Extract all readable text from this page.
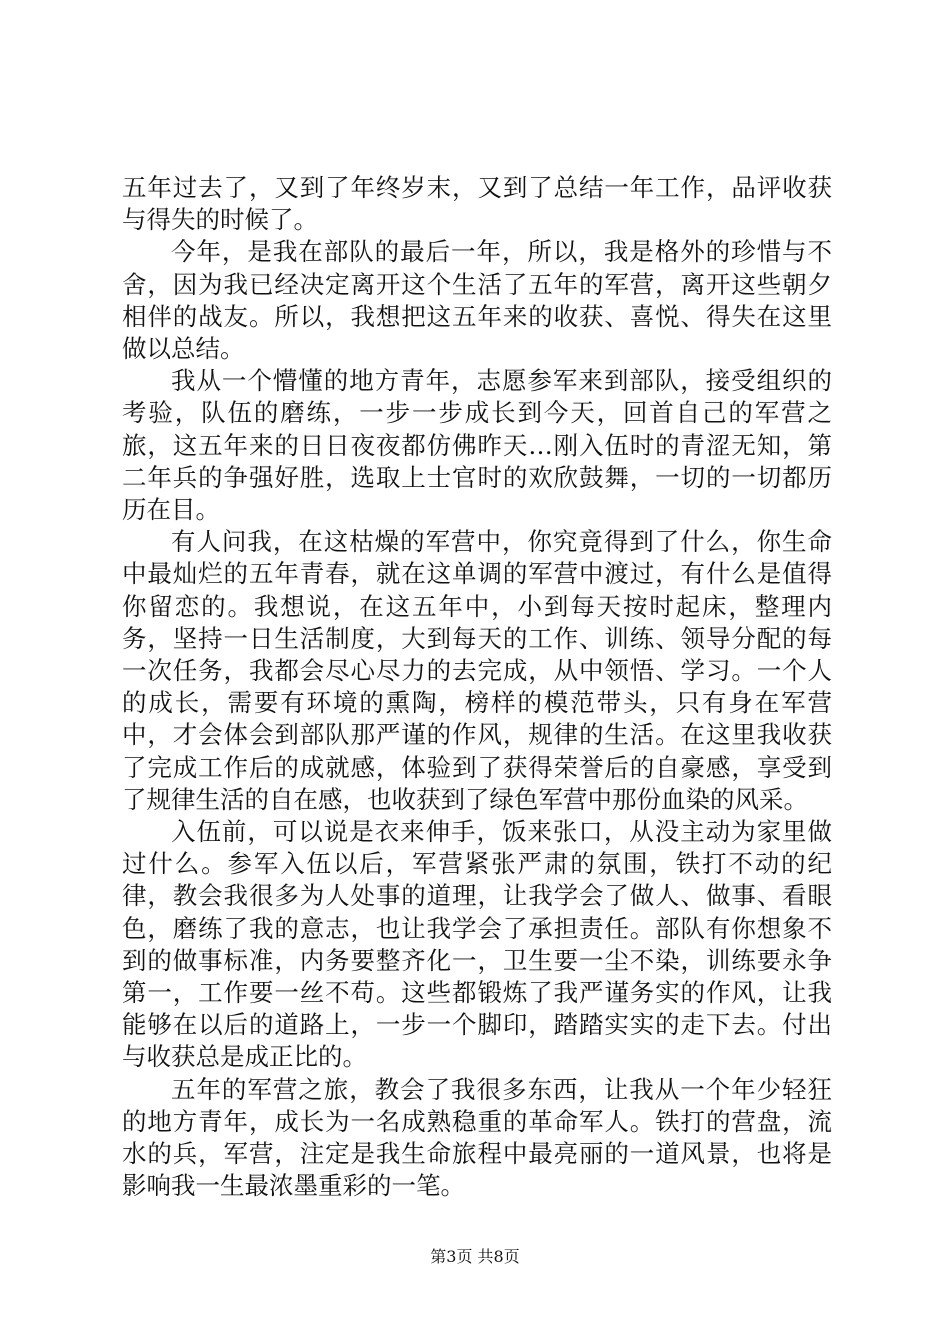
五年过去了，又到了年终岁末，又到了总结一年工作，品评收获与得失的时候了。

今年，是我在部队的最后一年，所以，我是格外的珍惜与不舍，因为我已经决定离开这个生活了五年的军营，离开这些朝夕相伴的战友。所以，我想把这五年来的收获、喜悦、得失在这里做以总结。

我从一个懵懂的地方青年，志愿参军来到部队，接受组织的考验，队伍的磨练，一步一步成长到今天，回首自己的军营之旅，这五年来的日日夜夜都仿佛昨天…刚入伍时的青涩无知，第二年兵的争强好胜，选取上士官时的欢欣鼓舞，一切的一切都历历在目。

有人问我，在这枯燥的军营中，你究竟得到了什么，你生命中最灿烂的五年青春，就在这单调的军营中渡过，有什么是值得你留恋的。我想说，在这五年中，小到每天按时起床，整理内务，坚持一日生活制度，大到每天的工作、训练、领导分配的每一次任务，我都会尽心尽力的去完成，从中领悟、学习。一个人的成长，需要有环境的熏陶，榜样的模范带头，只有身在军营中，才会体会到部队那严谨的作风，规律的生活。在这里我收获了完成工作后的成就感，体验到了获得荣誉后的自豪感，享受到了规律生活的自在感，也收获到了绿色军营中那份血染的风采。

入伍前，可以说是衣来伸手，饭来张口，从没主动为家里做过什么。参军入伍以后，军营紧张严肃的氛围，铁打不动的纪律，教会我很多为人处事的道理，让我学会了做人、做事、看眼色，磨练了我的意志，也让我学会了承担责任。部队有你想象不到的做事标准，内务要整齐化一，卫生要一尘不染，训练要永争第一，工作要一丝不苟。这些都锻炼了我严谨务实的作风，让我能够在以后的道路上，一步一个脚印，踏踏实实的走下去。付出与收获总是成正比的。

五年的军营之旅，教会了我很多东西，让我从一个年少轻狂的地方青年，成长为一名成熟稳重的革命军人。铁打的营盘，流水的兵，军营，注定是我生命旅程中最亮丽的一道风景，也将是影响我一生最浓墨重彩的一笔。

第3页 共8页
